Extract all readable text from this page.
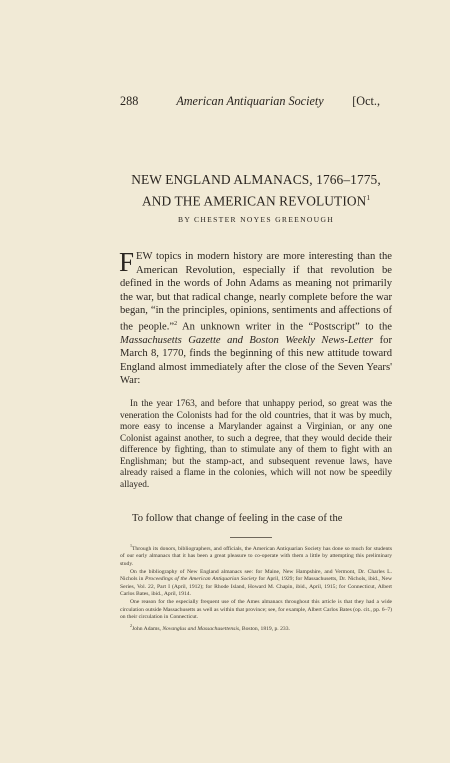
288	American Antiquarian Society	[Oct.,
NEW ENGLAND ALMANACS, 1766–1775,
AND THE AMERICAN REVOLUTION$^1$
BY CHESTER NOYES GREENOUGH
FEW topics in modern history are more interesting than the American Revolution, especially if that revolution be defined in the words of John Adams as meaning not primarily the war, but that radical change, nearly complete before the war began, “in the principles, opinions, sentiments and affections of the people.”$^2$ An unknown writer in the “Postscript” to the Massachusetts Gazette and Boston Weekly News-Letter for March 8, 1770, finds the beginning of this new attitude toward England almost immediately after the close of the Seven Years' War:
In the year 1763, and before that unhappy period, so great was the veneration the Colonists had for the old countries, that it was by much, more easy to incense a Marylander against a Virginian, or any one Colonist against another, to such a degree, that they would decide their difference by fighting, than to stimulate any of them to fight with an Englishman; but the stamp-act, and subsequent revenue laws, have already raised a flame in the colonies, which will not now be speedily allayed.
To follow that change of feeling in the case of the

$^1$Through its donors, bibliographers, and officials, the American Antiquarian Society has done so much for students of our early almanacs that it has been a great pleasure to co-operate with them a little by attempting this preliminary study.

On the bibliography of New England almanacs see: for Maine, New Hampshire, and Vermont, Dr. Charles L. Nichols in Proceedings of the American Antiquarian Society for April, 1929; for Massachusetts, Dr. Nichols, ibid., New Series, Vol. 22, Part I (April, 1912); for Rhode Island, Howard M. Chapin, ibid., April, 1915; for Connecticut, Albert Carlos Bates, ibid., April, 1914.

One reason for the especially frequent use of the Ames almanacs throughout this article is that they had a wide circulation outside Massachusetts as well as within that province; see, for example, Albert Carlos Bates (op. cit., pp. 6–7) on their circulation in Connecticut.

$^2$John Adams, Novanglus and Massachusettensis, Boston, 1819, p. 233.
